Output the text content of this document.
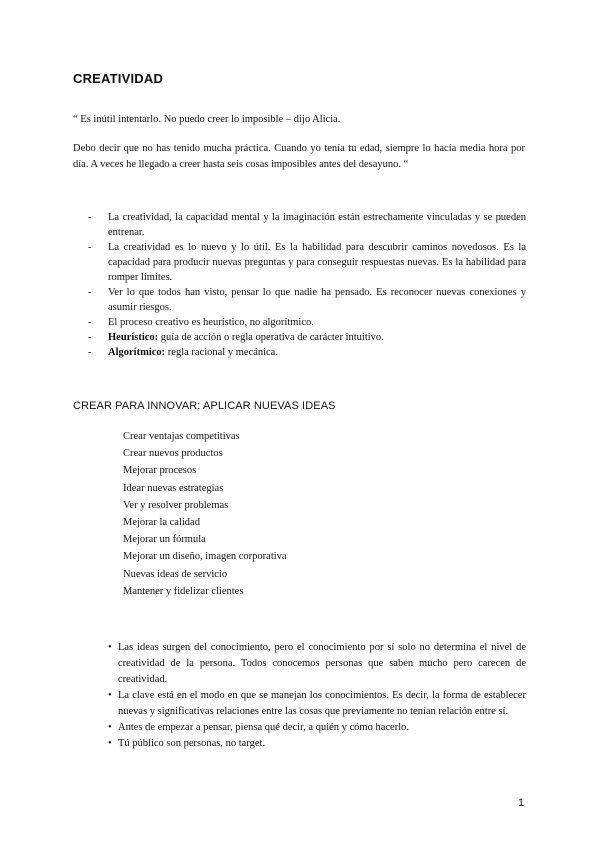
CREATIVIDAD
“ Es inútil intentarlo. No puedo creer lo imposible – dijo Alicia.
Debo decir que no has tenido mucha práctica. Cuando yo tenía tu edad, siempre lo hacía media hora por día. A veces he llegado a creer hasta seis cosas imposibles antes del desayuno. “
- La creatividad, la capacidad mental y la imaginación están estrechamente vinculadas y se pueden entrenar.
- La creatividad es lo nuevo y lo útil. Es la habilidad para descubrir caminos novedosos. Es la capacidad para producir nuevas preguntas y para conseguir respuestas nuevas. Es la habilidad para romper límites.
- Ver lo que todos han visto, pensar lo que nadie ha pensado. Es reconocer nuevas conexiones y asumir riesgos.
- El proceso creativo es heurístico, no algorítmico.
- Heurístico: guía de acción o regla operativa de carácter intuitivo.
- Algorítmico: regla racional y mecánica.
CREAR PARA INNOVAR: APLICAR NUEVAS IDEAS
Crear ventajas competitivas
Crear nuevos productos
Mejorar procesos
Idear nuevas estrategias
Ver y resolver problemas
Mejorar la calidad
Mejorar un fórmula
Mejorar un diseño, imagen corporativa
Nuevas ideas de servicio
Mantener y fidelizar clientes
• Las ideas surgen del conocimiento, pero el conocimiento por sí solo no determina el nivel de creatividad de la persona. Todos conocemos personas que saben mucho pero carecen de creatividad.
• La clave está en el modo en que se manejan los conocimientos. Es decir, la forma de establecer nuevas y significativas relaciones entre las cosas que previamente no tenían relación entre sí.
• Antes de empezar a pensar, piensa qué decir, a quién y cómo hacerlo.
• Tú público son personas, no target.
1
